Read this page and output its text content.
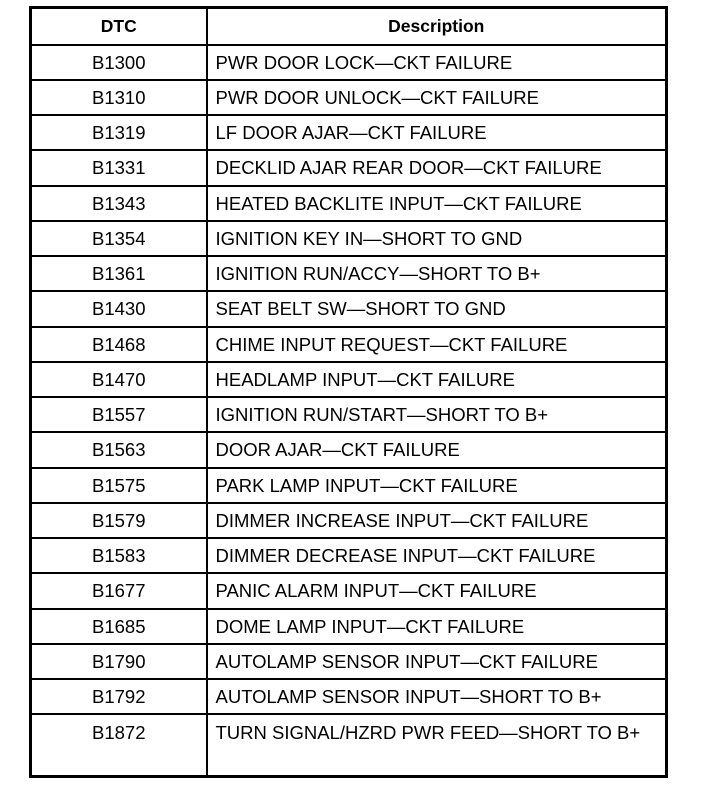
DTC	Description
B1300	PWR DOOR LOCK—CKT FAILURE
B1310	PWR DOOR UNLOCK—CKT FAILURE
B1319	LF DOOR AJAR—CKT FAILURE
B1331	DECKLID AJAR REAR DOOR—CKT FAILURE
B1343	HEATED BACKLITE INPUT—CKT FAILURE
B1354	IGNITION KEY IN—SHORT TO GND
B1361	IGNITION RUN/ACCY—SHORT TO B+
B1430	SEAT BELT SW—SHORT TO GND
B1468	CHIME INPUT REQUEST—CKT FAILURE
B1470	HEADLAMP INPUT—CKT FAILURE
B1557	IGNITION RUN/START—SHORT TO B+
B1563	DOOR AJAR—CKT FAILURE
B1575	PARK LAMP INPUT—CKT FAILURE
B1579	DIMMER INCREASE INPUT—CKT FAILURE
B1583	DIMMER DECREASE INPUT—CKT FAILURE
B1677	PANIC ALARM INPUT—CKT FAILURE
B1685	DOME LAMP INPUT—CKT FAILURE
B1790	AUTOLAMP SENSOR INPUT—CKT FAILURE
B1792	AUTOLAMP SENSOR INPUT—SHORT TO B+
B1872	TURN SIGNAL/HZRD PWR FEED—SHORT TO B+
